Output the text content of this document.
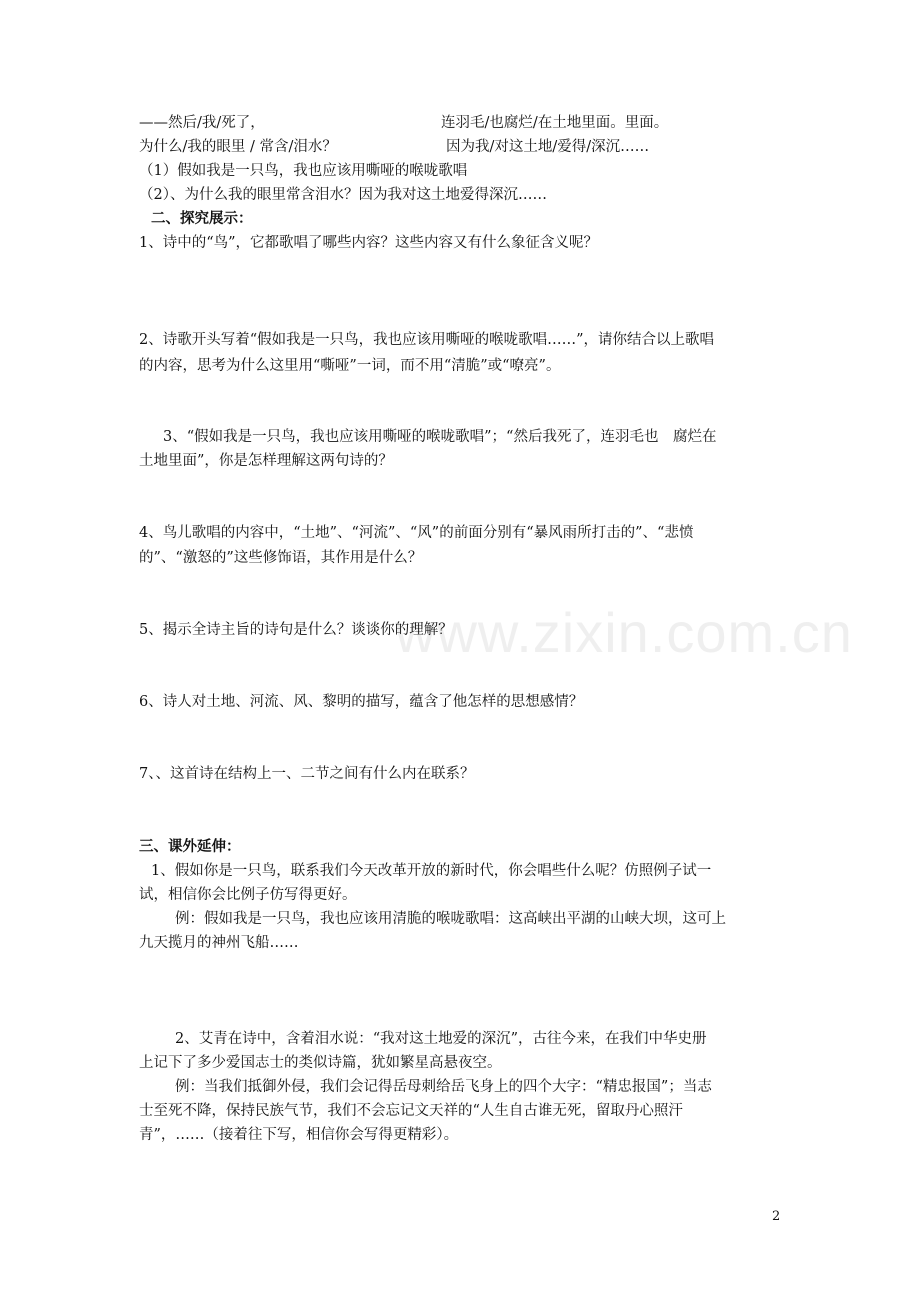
www.zixin.com.cn
——然后/我/死了，	连羽毛/也腐烂/在土地里面。里面。
为什么/我的眼里 / 常含/泪水？	因为我/对这土地/爱得/深沉……
（1）假如我是一只鸟，我也应该用嘶哑的喉咙歌唱
（2）、为什么我的眼里常含泪水？因为我对这土地爱得深沉……
二、探究展示：
1、诗中的“鸟”，它都歌唱了哪些内容？这些内容又有什么象征含义呢？
2、诗歌开头写着“假如我是一只鸟，我也应该用嘶哑的喉咙歌唱……”，请你结合以上歌唱
的内容，思考为什么这里用“嘶哑”一词，而不用“清脆”或“嘹亮”。
3、“假如我是一只鸟，我也应该用嘶哑的喉咙歌唱”；“然后我死了，连羽毛也　腐烂在
土地里面”，你是怎样理解这两句诗的？
4、鸟儿歌唱的内容中，“土地”、“河流”、“风”的前面分别有“暴风雨所打击的”、“悲愤
的”、“激怒的”这些修饰语，其作用是什么？
5、揭示全诗主旨的诗句是什么？谈谈你的理解？
6、诗人对土地、河流、风、黎明的描写，蕴含了他怎样的思想感情？
7、、这首诗在结构上一、二节之间有什么内在联系？
三、课外延伸：
1、假如你是一只鸟，联系我们今天改革开放的新时代，你会唱些什么呢？仿照例子试一
试，相信你会比例子仿写得更好。
例：假如我是一只鸟，我也应该用清脆的喉咙歌唱：这高峡出平湖的山峡大坝，这可上
九天揽月的神州飞船……
2、艾青在诗中，含着泪水说：“我对这土地爱的深沉”，古往今来，在我们中华史册
上记下了多少爱国志士的类似诗篇，犹如繁星高悬夜空。
例：当我们抵御外侵，我们会记得岳母刺给岳飞身上的四个大字：“精忠报国”；当志
士至死不降，保持民族气节，我们不会忘记文天祥的“人生自古谁无死，留取丹心照汗
青”，……（接着往下写，相信你会写得更精彩）。
2
